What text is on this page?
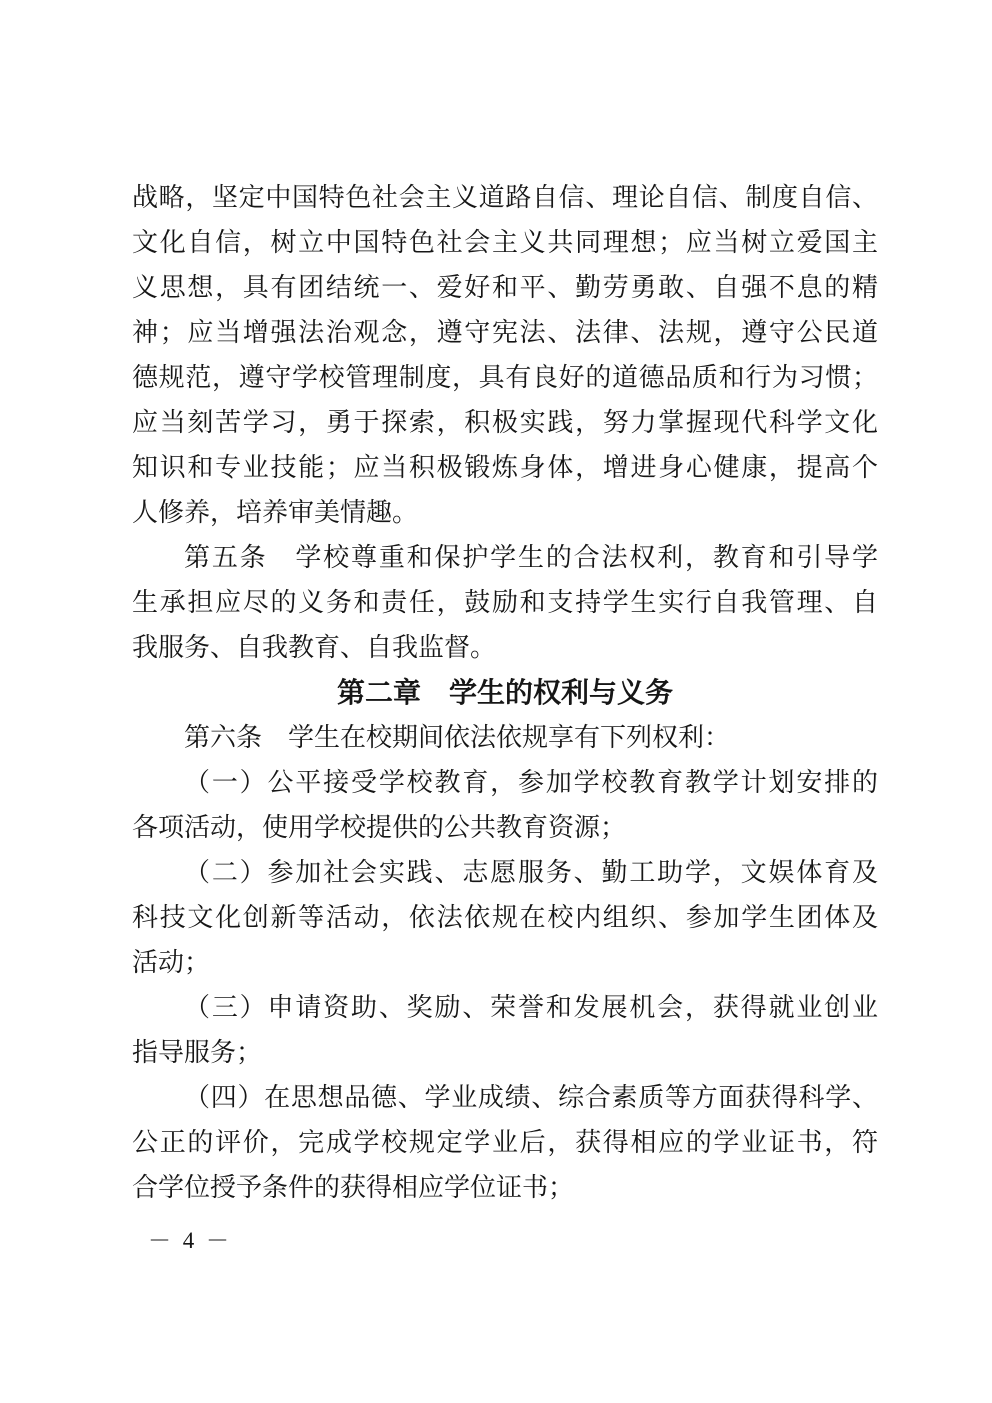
战略，坚定中国特色社会主义道路自信、理论自信、制度自信、
文化自信，树立中国特色社会主义共同理想；应当树立爱国主
义思想，具有团结统一、爱好和平、勤劳勇敢、自强不息的精
神；应当增强法治观念，遵守宪法、法律、法规，遵守公民道
德规范，遵守学校管理制度，具有良好的道德品质和行为习惯；
应当刻苦学习，勇于探索，积极实践，努力掌握现代科学文化
知识和专业技能；应当积极锻炼身体，增进身心健康，提高个
人修养，培养审美情趣。
第五条　学校尊重和保护学生的合法权利，教育和引导学
生承担应尽的义务和责任，鼓励和支持学生实行自我管理、自
我服务、自我教育、自我监督。
第二章　学生的权利与义务
第六条　学生在校期间依法依规享有下列权利：
（一）公平接受学校教育，参加学校教育教学计划安排的
各项活动，使用学校提供的公共教育资源；
（二）参加社会实践、志愿服务、勤工助学，文娱体育及
科技文化创新等活动，依法依规在校内组织、参加学生团体及
活动；
（三）申请资助、奖励、荣誉和发展机会，获得就业创业
指导服务；
（四）在思想品德、学业成绩、综合素质等方面获得科学、
公正的评价，完成学校规定学业后，获得相应的学业证书，符
合学位授予条件的获得相应学位证书；
－ 4 －
